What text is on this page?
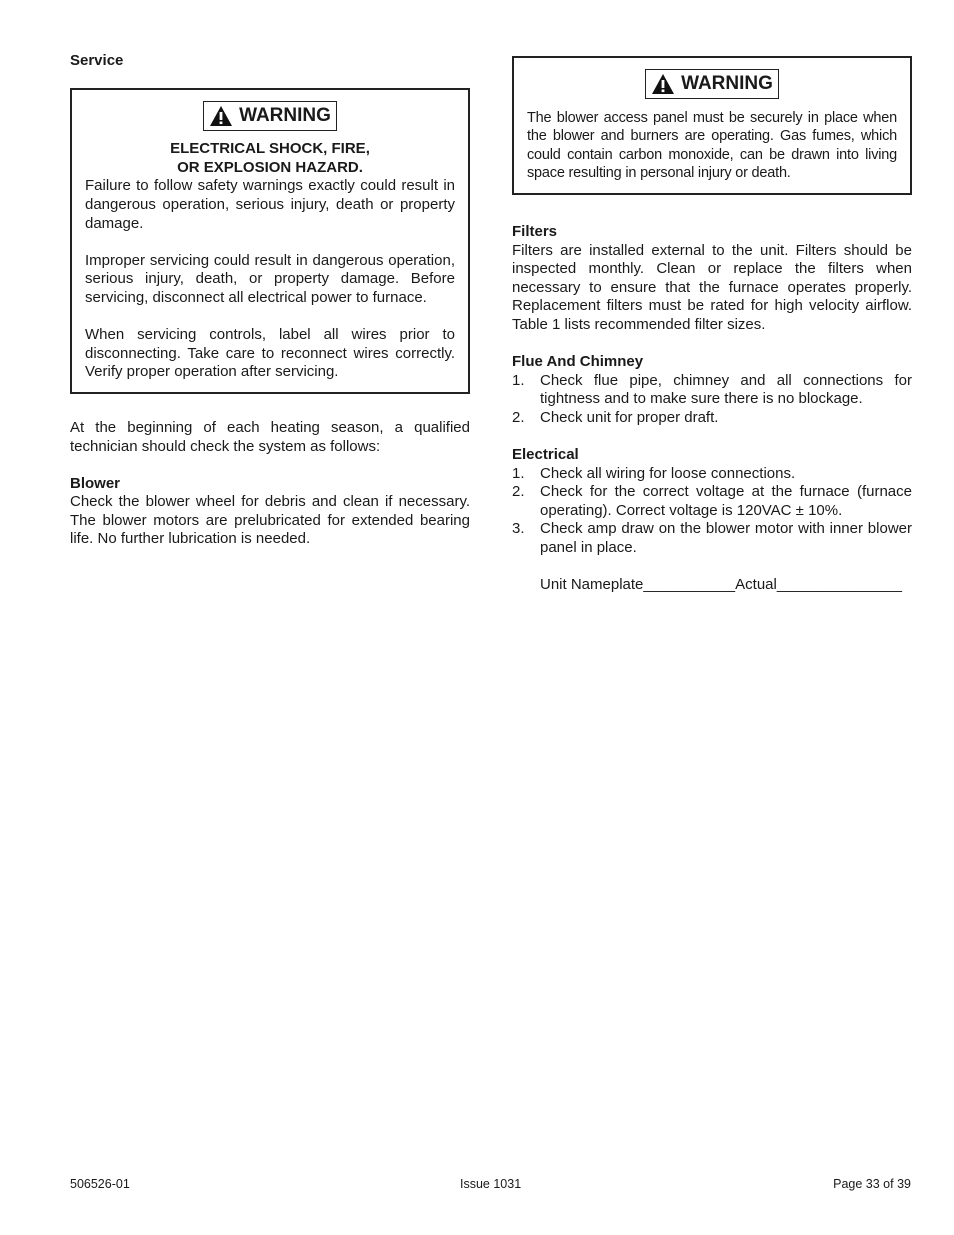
Service

WARNING
ELECTRICAL SHOCK, FIRE,
OR EXPLOSION HAZARD.

Failure to follow safety warnings exactly could result in dangerous operation, serious injury, death or property damage.

Improper servicing could result in dangerous operation, serious injury, death, or property damage. Before servicing, disconnect all electrical power to furnace.

When servicing controls, label all wires prior to disconnecting. Take care to reconnect wires correctly. Verify proper operation after servicing.

At the beginning of each heating season, a qualified technician should check the system as follows:

Blower

Check the blower wheel for debris and clean if necessary. The blower motors are prelubricated for extended bearing life. No further lubrication is needed.

WARNING

The blower access panel must be securely in place when the blower and burners are operating. Gas fumes, which could contain carbon monoxide, can be drawn into living space resulting in personal injury or death.

Filters

Filters are installed external to the unit. Filters should be inspected monthly. Clean or replace the filters when necessary to ensure that the furnace operates properly. Replacement filters must be rated for high velocity airflow. Table 1 lists recommended filter sizes.

Flue And Chimney

1. Check flue pipe, chimney and all connections for tightness and to make sure there is no blockage.
2. Check unit for proper draft.

Electrical

1. Check all wiring for loose connections.
2. Check for the correct voltage at the furnace (furnace operating). Correct voltage is 120VAC ± 10%.
3. Check amp draw on the blower motor with inner blower panel in place.
Unit Nameplate___________Actual_______________
506526-01	Issue 1031	Page 33 of 39
